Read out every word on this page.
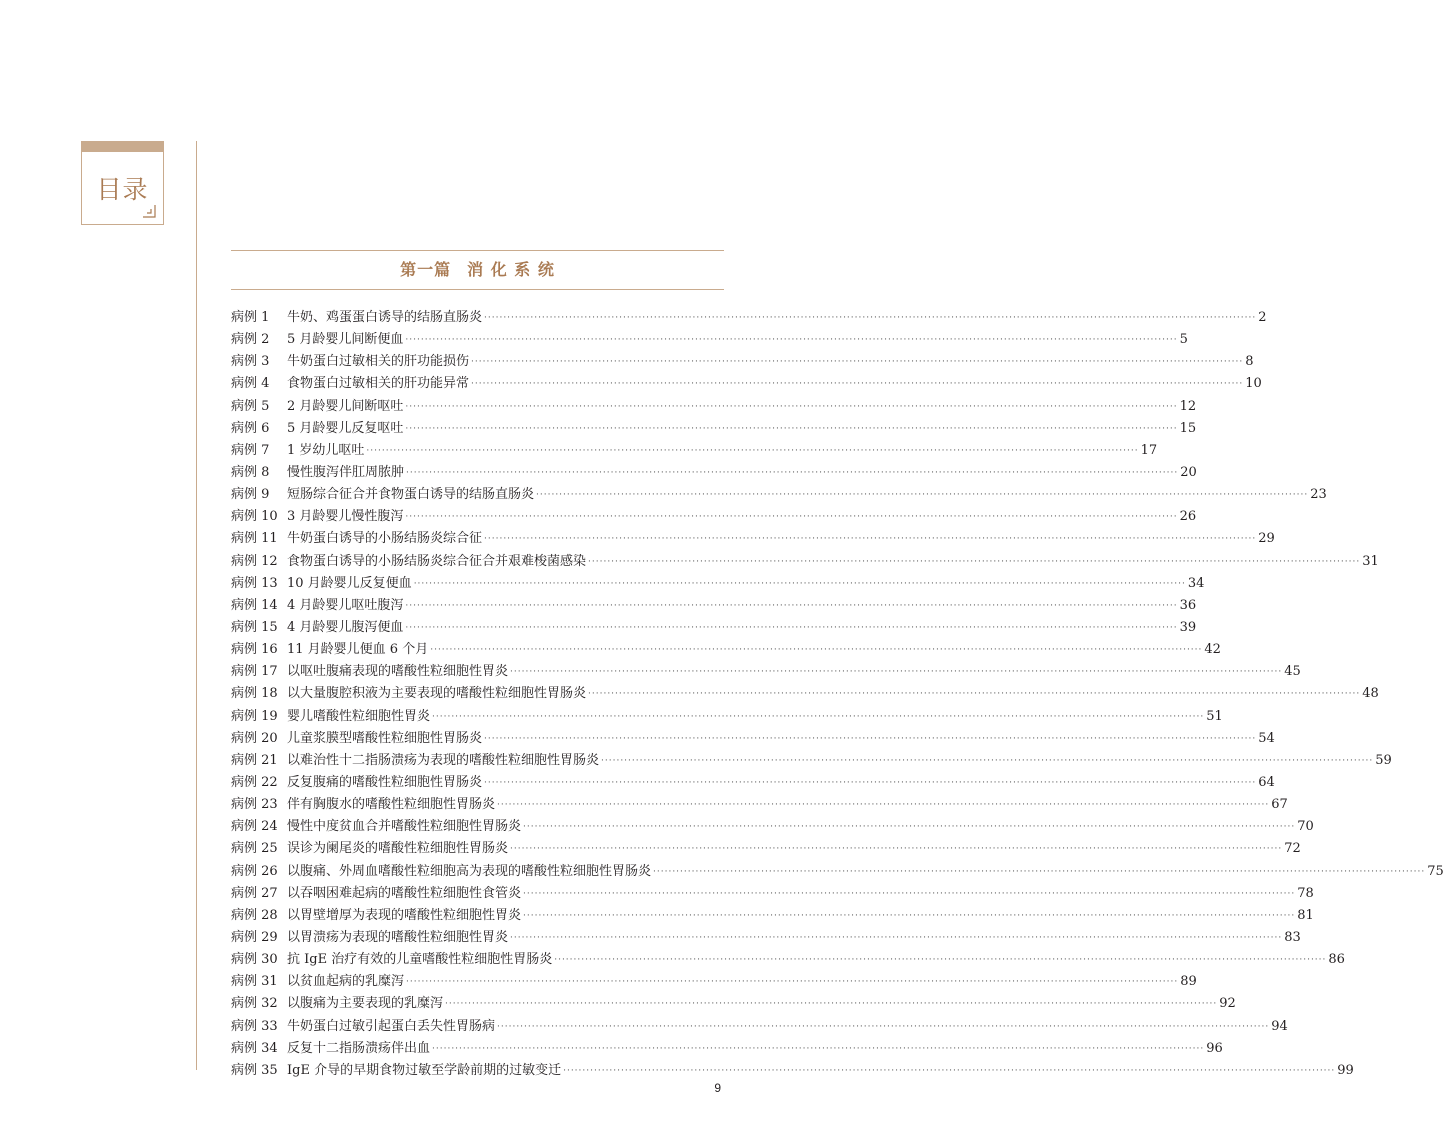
目录
第一篇 消 化 系 统
病例 1	牛奶、鸡蛋蛋白诱导的结肠直肠炎 ········································································································································································································ 2
病例 2	5 月龄婴儿间断便血 ········································································································································································································ 5
病例 3	牛奶蛋白过敏相关的肝功能损伤 ········································································································································································································ 8
病例 4	食物蛋白过敏相关的肝功能异常 ········································································································································································································ 10
病例 5	2 月龄婴儿间断呕吐 ········································································································································································································ 12
病例 6	5 月龄婴儿反复呕吐 ········································································································································································································ 15
病例 7	1 岁幼儿呕吐 ········································································································································································································ 17
病例 8	慢性腹泻伴肛周脓肿 ········································································································································································································ 20
病例 9	短肠综合征合并食物蛋白诱导的结肠直肠炎 ········································································································································································································ 23
病例 10 3 月龄婴儿慢性腹泻 ········································································································································································································ 26
病例 11 牛奶蛋白诱导的小肠结肠炎综合征 ········································································································································································································ 29
病例 12 食物蛋白诱导的小肠结肠炎综合征合并艰难梭菌感染 ········································································································································································································ 31
病例 13 10 月龄婴儿反复便血 ········································································································································································································ 34
病例 14 4 月龄婴儿呕吐腹泻 ········································································································································································································ 36
病例 15 4 月龄婴儿腹泻便血 ········································································································································································································ 39
病例 16 11 月龄婴儿便血 6 个月 ········································································································································································································ 42
病例 17 以呕吐腹痛表现的嗜酸性粒细胞性胃炎 ········································································································································································································ 45
病例 18 以大量腹腔积液为主要表现的嗜酸性粒细胞性胃肠炎 ········································································································································································································ 48
病例 19 婴儿嗜酸性粒细胞性胃炎 ········································································································································································································ 51
病例 20 儿童浆膜型嗜酸性粒细胞性胃肠炎 ········································································································································································································ 54
病例 21 以难治性十二指肠溃疡为表现的嗜酸性粒细胞性胃肠炎 ········································································································································································································ 59
病例 22 反复腹痛的嗜酸性粒细胞性胃肠炎 ········································································································································································································ 64
病例 23 伴有胸腹水的嗜酸性粒细胞性胃肠炎 ········································································································································································································ 67
病例 24 慢性中度贫血合并嗜酸性粒细胞性胃肠炎 ········································································································································································································ 70
病例 25 误诊为阑尾炎的嗜酸性粒细胞性胃肠炎 ········································································································································································································ 72
病例 26 以腹痛、外周血嗜酸性粒细胞高为表现的嗜酸性粒细胞性胃肠炎 ········································································································································································································ 75
病例 27 以吞咽困难起病的嗜酸性粒细胞性食管炎 ········································································································································································································ 78
病例 28 以胃壁增厚为表现的嗜酸性粒细胞性胃炎 ········································································································································································································ 81
病例 29 以胃溃疡为表现的嗜酸性粒细胞性胃炎 ········································································································································································································ 83
病例 30 抗 IgE 治疗有效的儿童嗜酸性粒细胞性胃肠炎 ········································································································································································································ 86
病例 31 以贫血起病的乳糜泻 ········································································································································································································ 89
病例 32 以腹痛为主要表现的乳糜泻 ········································································································································································································ 92
病例 33 牛奶蛋白过敏引起蛋白丢失性胃肠病 ········································································································································································································ 94
病例 34 反复十二指肠溃疡伴出血 ········································································································································································································ 96
病例 35 IgE 介导的早期食物过敏至学龄前期的过敏变迁 ········································································································································································································ 99
9
